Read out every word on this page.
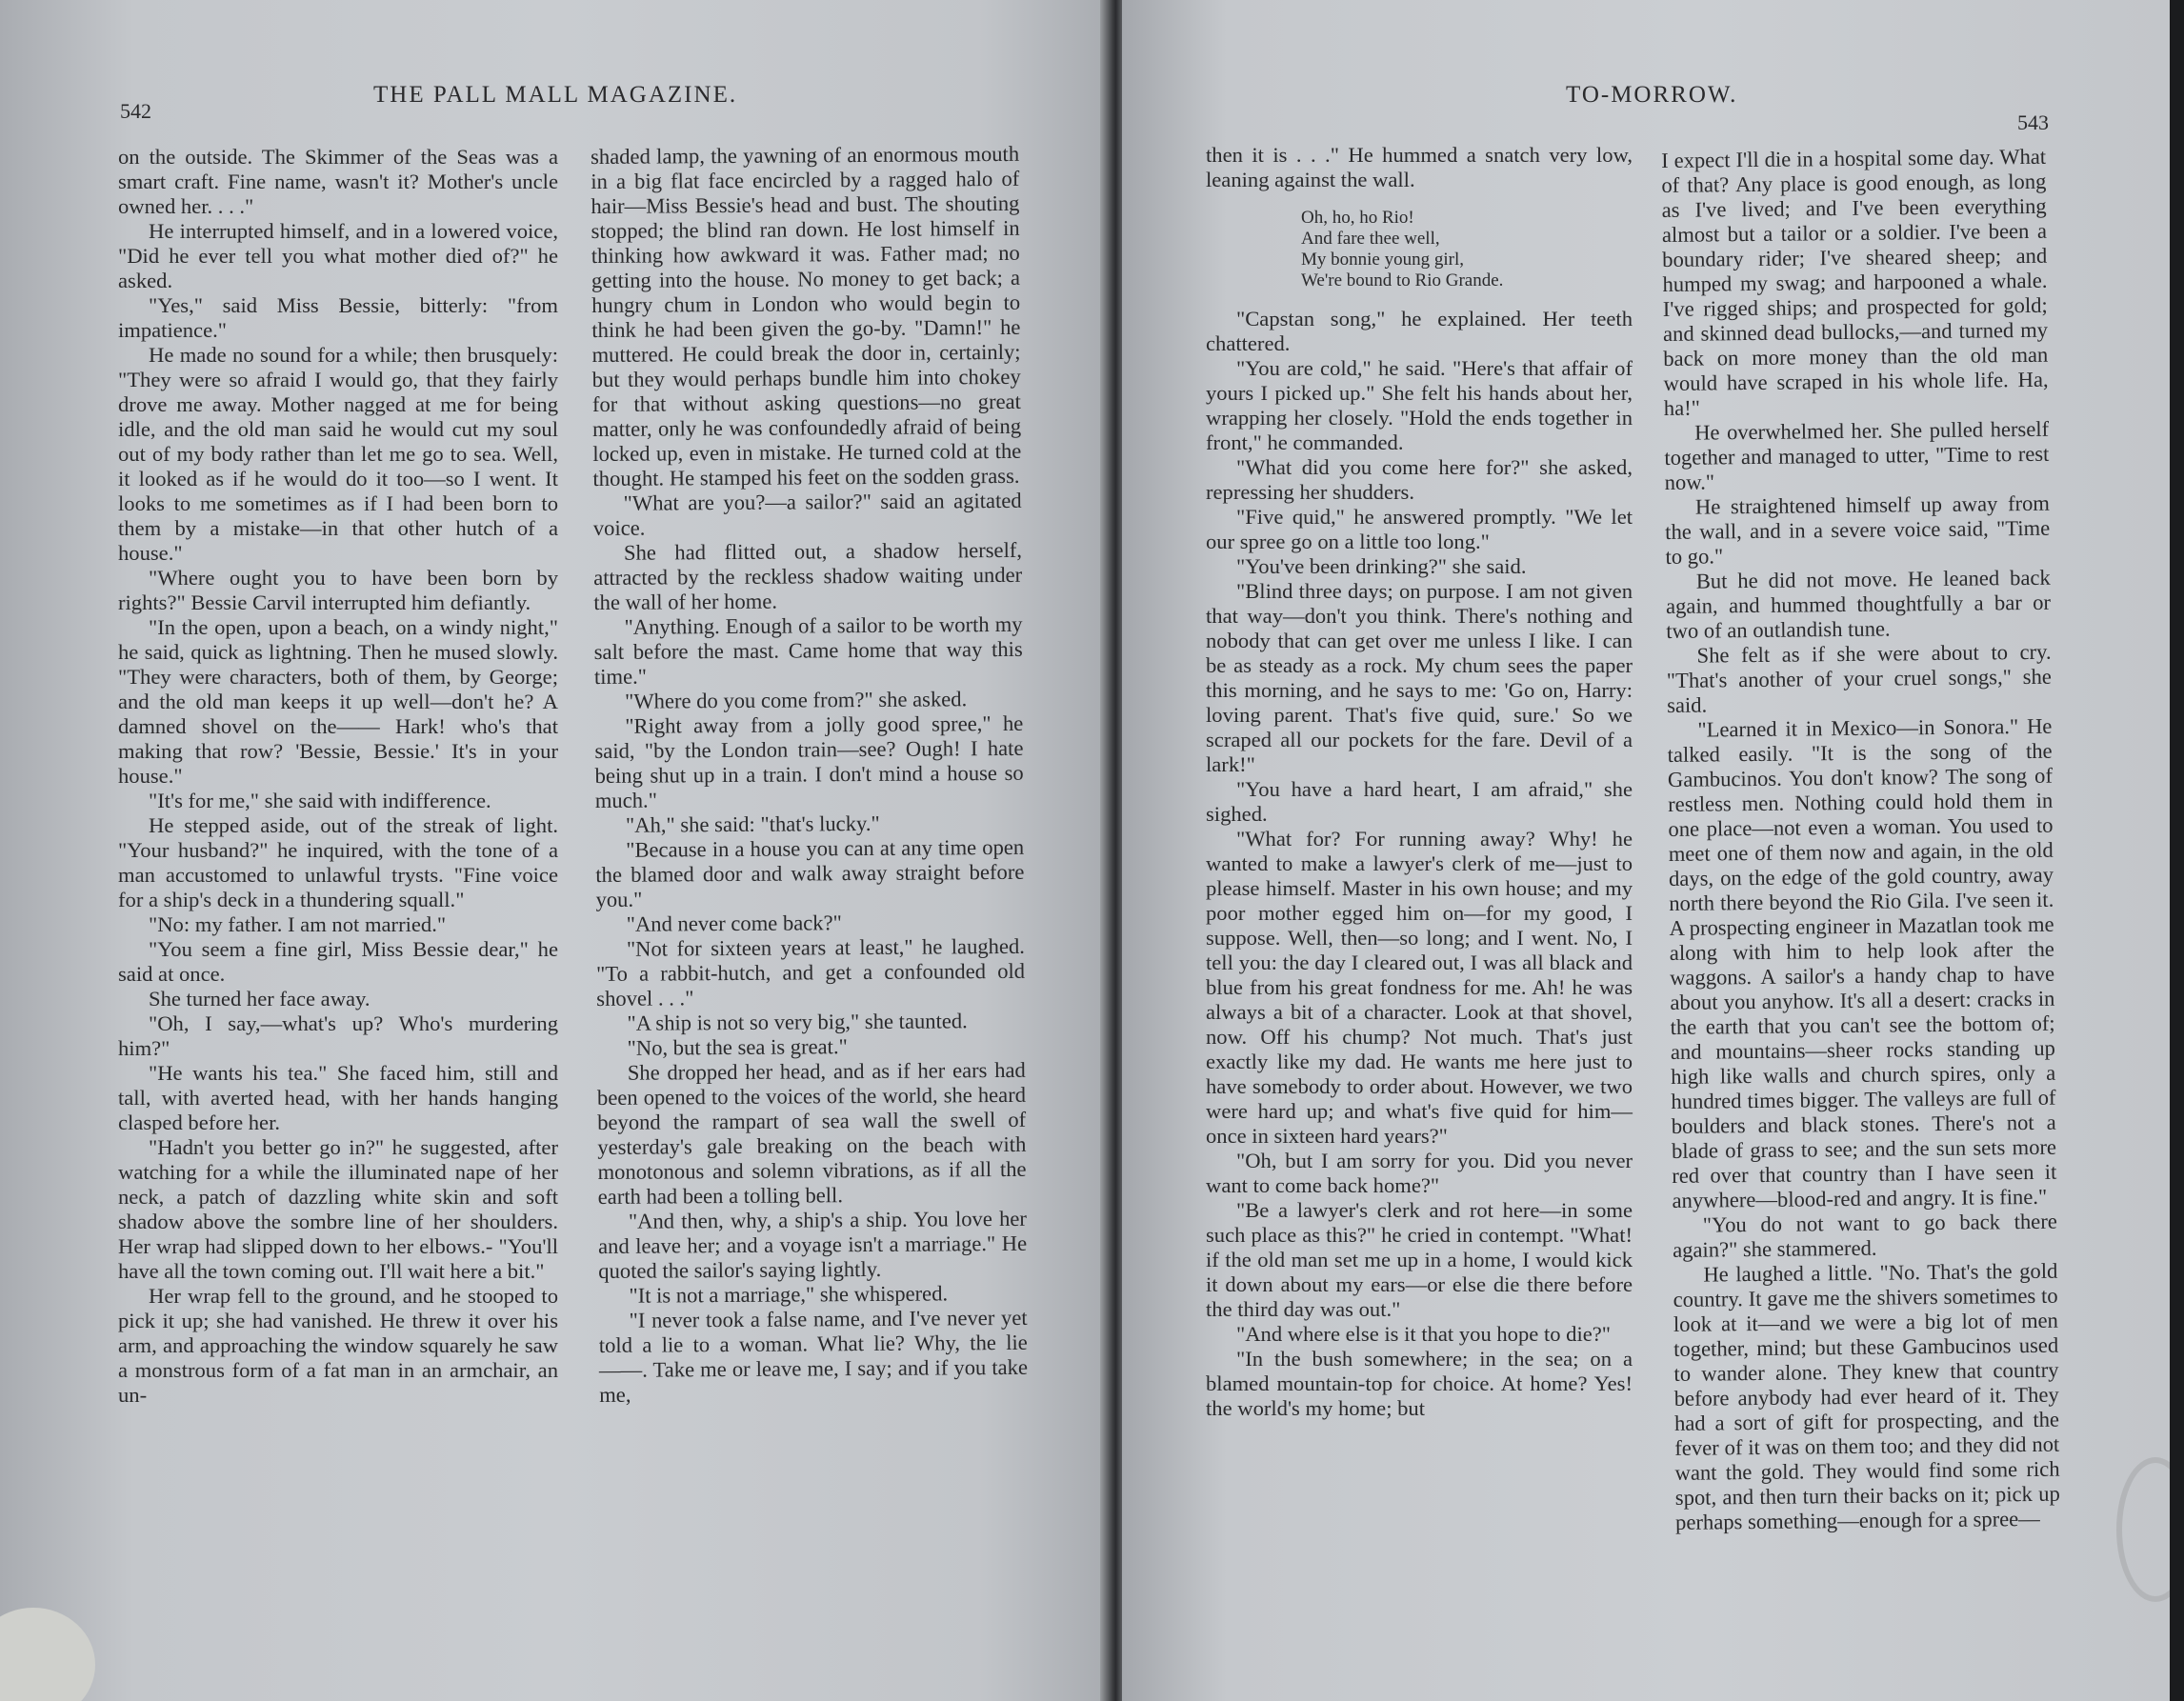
542
THE PALL MALL MAGAZINE.

on the outside. The Skimmer of the Seas was a smart craft. Fine name, wasn't it? Mother's uncle owned her. . . ."

He interrupted himself, and in a lowered voice, "Did he ever tell you what mother died of?" he asked.

"Yes," said Miss Bessie, bitterly: "from impatience."

He made no sound for a while; then brusquely: "They were so afraid I would go, that they fairly drove me away. Mother nagged at me for being idle, and the old man said he would cut my soul out of my body rather than let me go to sea. Well, it looked as if he would do it too—so I went. It looks to me sometimes as if I had been born to them by a mistake—in that other hutch of a house."

"Where ought you to have been born by rights?" Bessie Carvil interrupted him defiantly.

"In the open, upon a beach, on a windy night," he said, quick as lightning. Then he mused slowly. "They were characters, both of them, by George; and the old man keeps it up well—don't he? A damned shovel on the—— Hark! who's that making that row? 'Bessie, Bessie.' It's in your house."

"It's for me," she said with indifference.

He stepped aside, out of the streak of light. "Your husband?" he inquired, with the tone of a man accustomed to unlawful trysts. "Fine voice for a ship's deck in a thundering squall."

"No: my father. I am not married."

"You seem a fine girl, Miss Bessie dear," he said at once.

She turned her face away.

"Oh, I say,—what's up? Who's murdering him?"

"He wants his tea." She faced him, still and tall, with averted head, with her hands hanging clasped before her.

"Hadn't you better go in?" he suggested, after watching for a while the illuminated nape of her neck, a patch of dazzling white skin and soft shadow above the sombre line of her shoulders. Her wrap had slipped down to her elbows.- "You'll have all the town coming out. I'll wait here a bit."

Her wrap fell to the ground, and he stooped to pick it up; she had vanished. He threw it over his arm, and approaching the window squarely he saw a monstrous form of a fat man in an armchair, an un-

shaded lamp, the yawning of an enormous mouth in a big flat face encircled by a ragged halo of hair—Miss Bessie's head and bust. The shouting stopped; the blind ran down. He lost himself in thinking how awkward it was. Father mad; no getting into the house. No money to get back; a hungry chum in London who would begin to think he had been given the go-by. "Damn!" he muttered. He could break the door in, certainly; but they would perhaps bundle him into chokey for that without asking questions—no great matter, only he was confoundedly afraid of being locked up, even in mistake. He turned cold at the thought. He stamped his feet on the sodden grass.

"What are you?—a sailor?" said an agitated voice.

She had flitted out, a shadow herself, attracted by the reckless shadow waiting under the wall of her home.

"Anything. Enough of a sailor to be worth my salt before the mast. Came home that way this time."

"Where do you come from?" she asked.

"Right away from a jolly good spree," he said, "by the London train—see? Ough! I hate being shut up in a train. I don't mind a house so much."

"Ah," she said: "that's lucky."

"Because in a house you can at any time open the blamed door and walk away straight before you."

"And never come back?"

"Not for sixteen years at least," he laughed. "To a rabbit-hutch, and get a confounded old shovel . . ."

"A ship is not so very big," she taunted.

"No, but the sea is great."

She dropped her head, and as if her ears had been opened to the voices of the world, she heard beyond the rampart of sea wall the swell of yesterday's gale breaking on the beach with monotonous and solemn vibrations, as if all the earth had been a tolling bell.

"And then, why, a ship's a ship. You love her and leave her; and a voyage isn't a marriage." He quoted the sailor's saying lightly.

"It is not a marriage," she whispered.

"I never took a false name, and I've never yet told a lie to a woman. What lie? Why, the lie——. Take me or leave me, I say; and if you take me,

TO-MORROW.
543

then it is . . ." He hummed a snatch very low, leaning against the wall.

Oh, ho, ho Rio!
And fare thee well,
My bonnie young girl,
We're bound to Rio Grande.

"Capstan song," he explained. Her teeth chattered.

"You are cold," he said. "Here's that affair of yours I picked up." She felt his hands about her, wrapping her closely. "Hold the ends together in front," he commanded.

"What did you come here for?" she asked, repressing her shudders.

"Five quid," he answered promptly. "We let our spree go on a little too long."

"You've been drinking?" she said.

"Blind three days; on purpose. I am not given that way—don't you think. There's nothing and nobody that can get over me unless I like. I can be as steady as a rock. My chum sees the paper this morning, and he says to me: 'Go on, Harry: loving parent. That's five quid, sure.' So we scraped all our pockets for the fare. Devil of a lark!"

"You have a hard heart, I am afraid," she sighed.

"What for? For running away? Why! he wanted to make a lawyer's clerk of me—just to please himself. Master in his own house; and my poor mother egged him on—for my good, I suppose. Well, then—so long; and I went. No, I tell you: the day I cleared out, I was all black and blue from his great fondness for me. Ah! he was always a bit of a character. Look at that shovel, now. Off his chump? Not much. That's just exactly like my dad. He wants me here just to have somebody to order about. However, we two were hard up; and what's five quid for him—once in sixteen hard years?"

"Oh, but I am sorry for you. Did you never want to come back home?"

"Be a lawyer's clerk and rot here—in some such place as this?" he cried in contempt. "What! if the old man set me up in a home, I would kick it down about my ears—or else die there before the third day was out."

"And where else is it that you hope to die?"

"In the bush somewhere; in the sea; on a blamed mountain-top for choice. At home? Yes! the world's my home; but

I expect I'll die in a hospital some day. What of that? Any place is good enough, as long as I've lived; and I've been everything almost but a tailor or a soldier. I've been a boundary rider; I've sheared sheep; and humped my swag; and harpooned a whale. I've rigged ships; and prospected for gold; and skinned dead bullocks,—and turned my back on more money than the old man would have scraped in his whole life. Ha, ha!"

He overwhelmed her. She pulled herself together and managed to utter, "Time to rest now."

He straightened himself up away from the wall, and in a severe voice said, "Time to go."

But he did not move. He leaned back again, and hummed thoughtfully a bar or two of an outlandish tune.

She felt as if she were about to cry. "That's another of your cruel songs," she said.

"Learned it in Mexico—in Sonora." He talked easily. "It is the song of the Gambucinos. You don't know? The song of restless men. Nothing could hold them in one place—not even a woman. You used to meet one of them now and again, in the old days, on the edge of the gold country, away north there beyond the Rio Gila. I've seen it. A prospecting engineer in Mazatlan took me along with him to help look after the waggons. A sailor's a handy chap to have about you anyhow. It's all a desert: cracks in the earth that you can't see the bottom of; and mountains—sheer rocks standing up high like walls and church spires, only a hundred times bigger. The valleys are full of boulders and black stones. There's not a blade of grass to see; and the sun sets more red over that country than I have seen it anywhere—blood-red and angry. It is fine."

"You do not want to go back there again?" she stammered.

He laughed a little. "No. That's the gold country. It gave me the shivers sometimes to look at it—and we were a big lot of men together, mind; but these Gambucinos used to wander alone. They knew that country before anybody had ever heard of it. They had a sort of gift for prospecting, and the fever of it was on them too; and they did not want the gold. They would find some rich spot, and then turn their backs on it; pick up perhaps something—enough for a spree—
